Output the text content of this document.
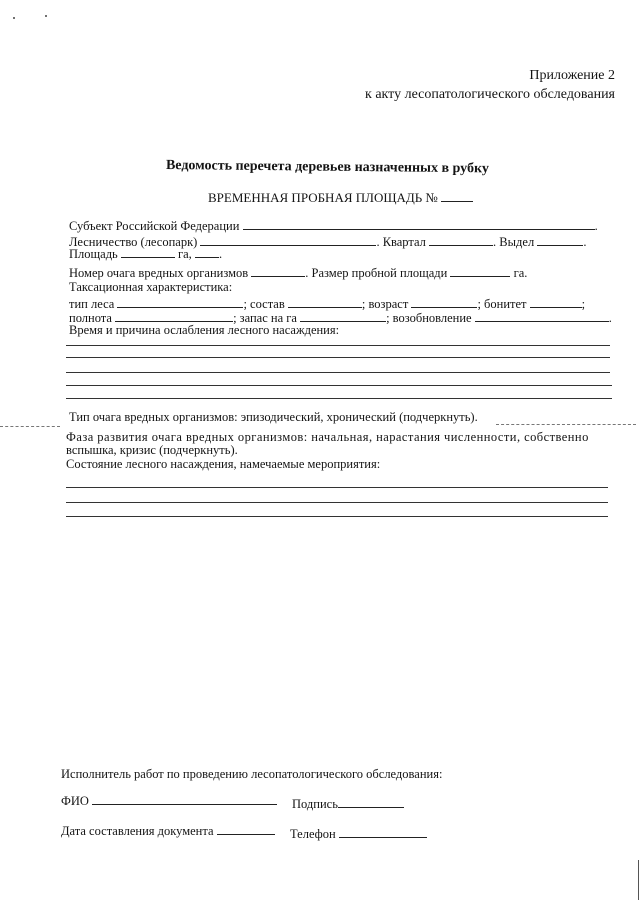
Приложение 2
к акту лесопатологического обследования
Ведомость перечета деревьев назначенных в рубку
ВРЕМЕННАЯ ПРОБНАЯ ПЛОЩАДЬ №
Субъект Российской Федерации	.
Лесничество (лесопарк)	. Квартал	. Выдел	.
Площадь	га, .
Номер очага вредных организмов	. Размер пробной площади	га.
Таксационная характеристика:
тип леса	; состав	; возраст	; бонитет	;
полнота	; запас на га	; возобновление	.
Время и причина ослабления лесного насаждения:
Тип очага вредных организмов: эпизодический, хронический (подчеркнуть).
Фаза развития очага вредных организмов: начальная, нарастания численности, собственно
вспышка, кризис (подчеркнуть).
Состояние лесного насаждения, намечаемые мероприятия:
Исполнитель работ по проведению лесопатологического обследования:
ФИО	Подпись
Дата составления документа	Телефон
